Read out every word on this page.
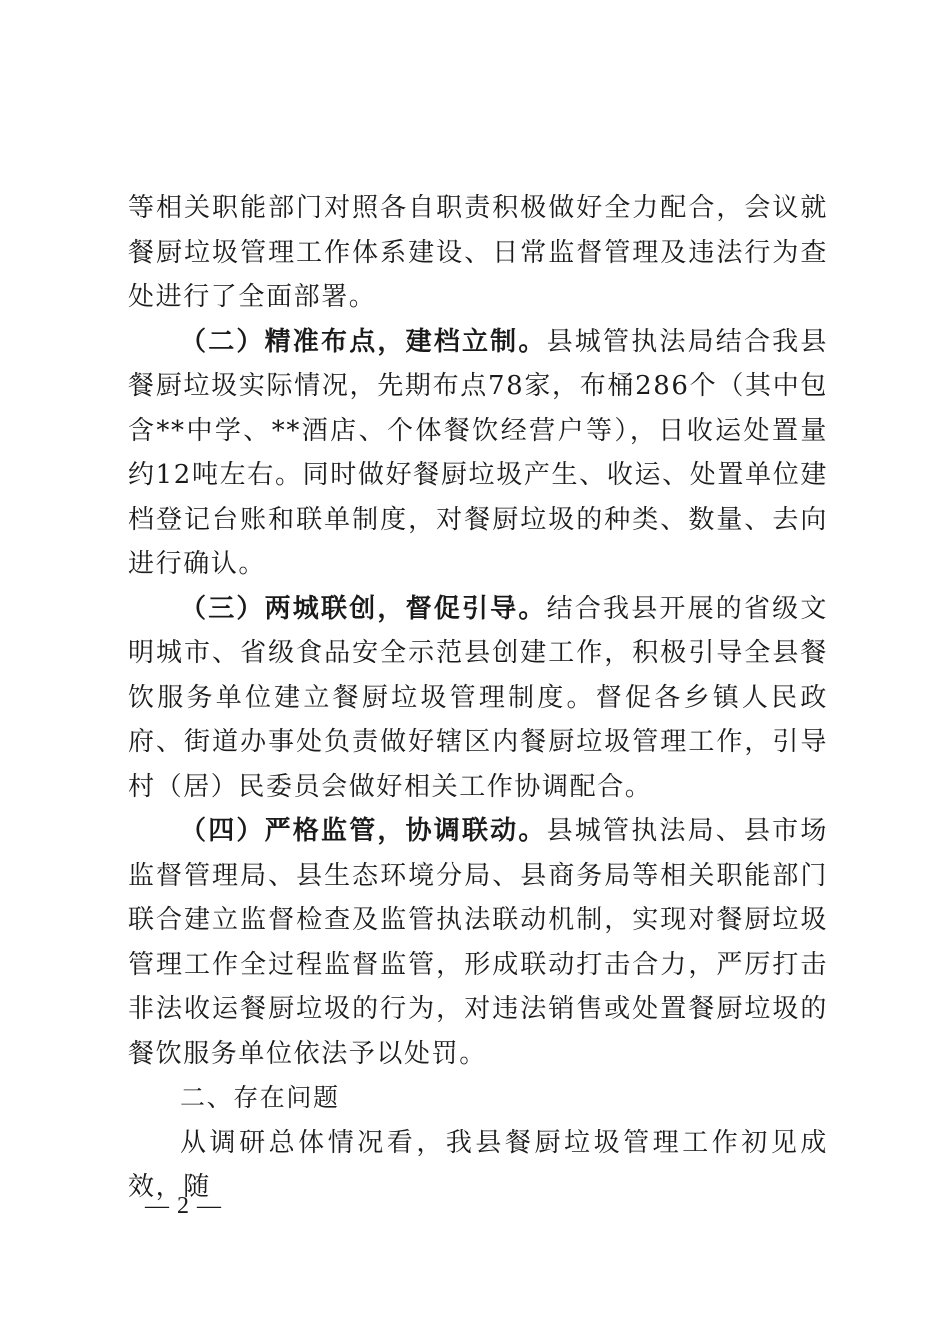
等相关职能部门对照各自职责积极做好全力配合，会议就餐厨垃圾管理工作体系建设、日常监督管理及违法行为查处进行了全面部署。

（二）精准布点，建档立制。县城管执法局结合我县餐厨垃圾实际情况，先期布点78家，布桶286个（其中包含**中学、**酒店、个体餐饮经营户等），日收运处置量约12吨左右。同时做好餐厨垃圾产生、收运、处置单位建档登记台账和联单制度，对餐厨垃圾的种类、数量、去向进行确认。

（三）两城联创，督促引导。结合我县开展的省级文明城市、省级食品安全示范县创建工作，积极引导全县餐饮服务单位建立餐厨垃圾管理制度。督促各乡镇人民政府、街道办事处负责做好辖区内餐厨垃圾管理工作，引导村（居）民委员会做好相关工作协调配合。

（四）严格监管，协调联动。县城管执法局、县市场监督管理局、县生态环境分局、县商务局等相关职能部门联合建立监督检查及监管执法联动机制，实现对餐厨垃圾管理工作全过程监督监管，形成联动打击合力，严厉打击非法收运餐厨垃圾的行为，对违法销售或处置餐厨垃圾的餐饮服务单位依法予以处罚。

二、存在问题

从调研总体情况看，我县餐厨垃圾管理工作初见成效，随

— 2 —
